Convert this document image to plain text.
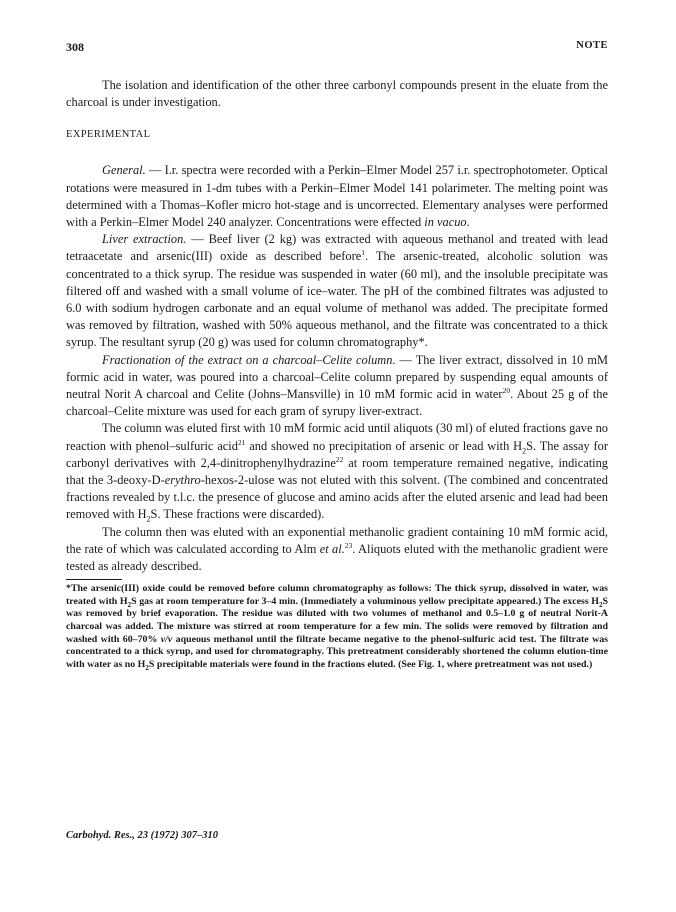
308	NOTE

The isolation and identification of the other three carbonyl compounds present in the eluate from the charcoal is under investigation.

EXPERIMENTAL

General. — I.r. spectra were recorded with a Perkin–Elmer Model 257 i.r. spectrophotometer. Optical rotations were measured in 1-dm tubes with a Perkin–Elmer Model 141 polarimeter. The melting point was determined with a Thomas–Kofler micro hot-stage and is uncorrected. Elementary analyses were performed with a Perkin–Elmer Model 240 analyzer. Concentrations were effected in vacuo.

Liver extraction. — Beef liver (2 kg) was extracted with aqueous methanol and treated with lead tetraacetate and arsenic(III) oxide as described before$^1$. The arsenic-treated, alcoholic solution was concentrated to a thick syrup. The residue was suspended in water (60 ml), and the insoluble precipitate was filtered off and washed with a small volume of ice–water. The pH of the combined filtrates was adjusted to 6.0 with sodium hydrogen carbonate and an equal volume of methanol was added. The precipitate formed was removed by filtration, washed with 50% aqueous methanol, and the filtrate was concentrated to a thick syrup. The resultant syrup (20 g) was used for column chromatography*.

Fractionation of the extract on a charcoal–Celite column. — The liver extract, dissolved in 10 mM formic acid in water, was poured into a charcoal–Celite column prepared by suspending equal amounts of neutral Norit A charcoal and Celite (Johns–Mansville) in 10 mM formic acid in water$^{20}$. About 25 g of the charcoal–Celite mixture was used for each gram of syrupy liver-extract.

The column was eluted first with 10 mM formic acid until aliquots (30 ml) of eluted fractions gave no reaction with phenol–sulfuric acid$^{21}$ and showed no precipitation of arsenic or lead with $H_2S$. The assay for carbonyl derivatives with 2,4-dinitrophenylhydrazine$^{22}$ at room temperature remained negative, indicating that the 3-deoxy-D-erythro-hexos-2-ulose was not eluted with this solvent. (The combined and concentrated fractions revealed by t.l.c. the presence of glucose and amino acids after the eluted arsenic and lead had been removed with $H_2S$. These fractions were discarded).

The column then was eluted with an exponential methanolic gradient containing 10 mM formic acid, the rate of which was calculated according to Alm et al.$^{23}$. Aliquots eluted with the methanolic gradient were tested as already described.

*The arsenic(III) oxide could be removed before column chromatography as follows: The thick syrup, dissolved in water, was treated with $H_2S$ gas at room temperature for 3–4 min. (Immediately a voluminous yellow precipitate appeared.) The excess $H_2S$ was removed by brief evaporation. The residue was diluted with two volumes of methanol and 0.5–1.0 g of neutral Norit-A charcoal was added. The mixture was stirred at room temperature for a few min. The solids were removed by filtration and washed with 60–70% v/v aqueous methanol until the filtrate became negative to the phenol-sulfuric acid test. The filtrate was concentrated to a thick syrup, and used for chromatography. This pretreatment considerably shortened the column elution-time with water as no $H_2S$ precipitable materials were found in the fractions eluted. (See Fig. 1, where pretreatment was not used.)

Carbohyd. Res., 23 (1972) 307–310
